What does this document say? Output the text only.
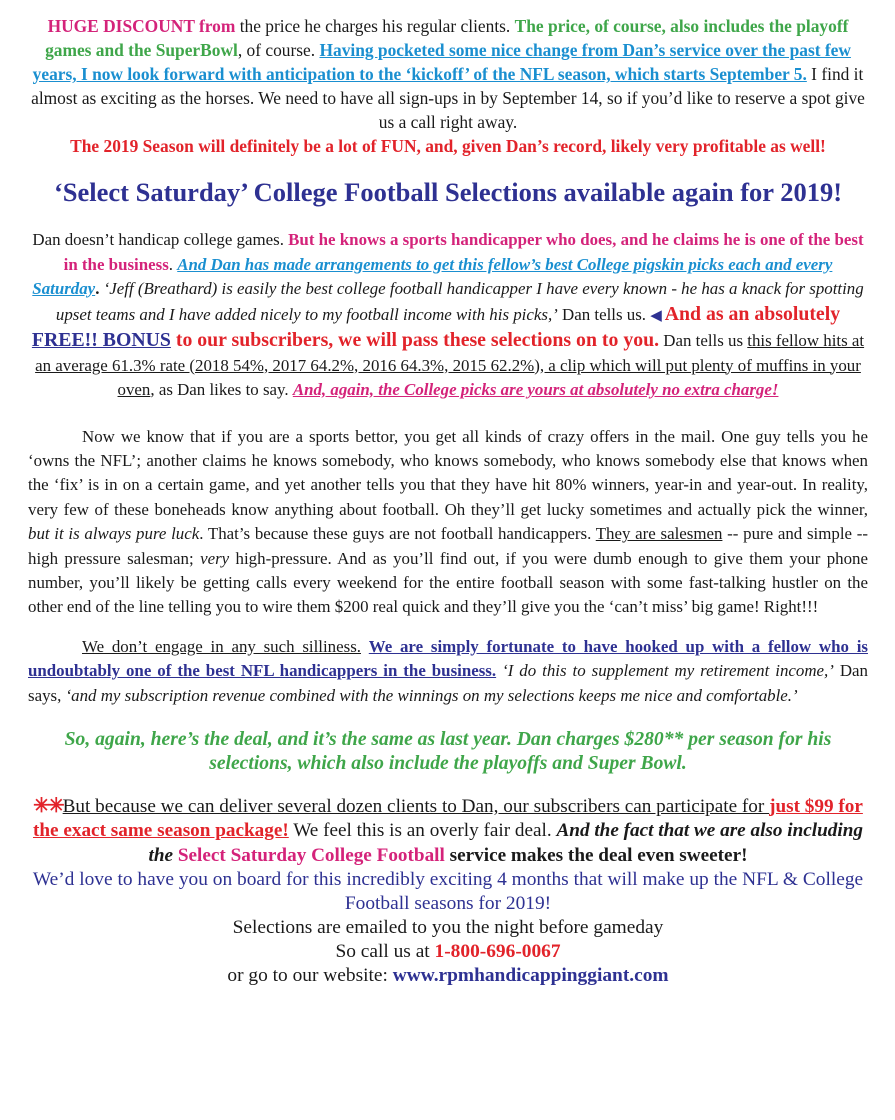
HUGE DISCOUNT from the price he charges his regular clients. The price, of course, also includes the playoff games and the SuperBowl, of course. Having pocketed some nice change from Dan’s service over the past few years, I now look forward with anticipation to the ‘kickoff’ of the NFL season, which starts September 5. I find it almost as exciting as the horses. We need to have all sign-ups in by September 14, so if you’d like to reserve a spot give us a call right away.
The 2019 Season will definitely be a lot of FUN, and, given Dan’s record, likely very profitable as well!

‘Select Saturday’ College Football Selections available again for 2019!

Dan doesn’t handicap college games. But he knows a sports handicapper who does, and he claims he is one of the best in the business. And Dan has made arrangements to get this fellow’s best College pigskin picks each and every Saturday. ‘Jeff (Breathard) is easily the best college football handicapper I have every known - he has a knack for spotting upset teams and I have added nicely to my football income with his picks,’ Dan tells us. ◀ And as an absolutely FREE!! BONUS to our subscribers, we will pass these selections on to you. Dan tells us this fellow hits at an average 61.3% rate (2018 54%, 2017 64.2%, 2016 64.3%, 2015 62.2%), a clip which will put plenty of muffins in your oven, as Dan likes to say. And, again, the College picks are yours at absolutely no extra charge!

Now we know that if you are a sports bettor, you get all kinds of crazy offers in the mail. One guy tells you he ‘owns the NFL’; another claims he knows somebody, who knows somebody, who knows somebody else that knows when the ‘fix’ is in on a certain game, and yet another tells you that they have hit 80% winners, year-in and year-out. In reality, very few of these boneheads know anything about football. Oh they’ll get lucky sometimes and actually pick the winner, but it is always pure luck. That’s because these guys are not football handicappers. They are salesmen -- pure and simple -- high pressure salesman; very high-pressure. And as you’ll find out, if you were dumb enough to give them your phone number, you’ll likely be getting calls every weekend for the entire football season with some fast-talking hustler on the other end of the line telling you to wire them $200 real quick and they’ll give you the ‘can’t miss’ big game! Right!!!

We don’t engage in any such silliness. We are simply fortunate to have hooked up with a fellow who is undoubtably one of the best NFL handicappers in the business. ‘I do this to supplement my retirement income,’ Dan says, ‘and my subscription revenue combined with the winnings on my selections keeps me nice and comfortable.’

So, again, here’s the deal, and it’s the same as last year. Dan charges $280** per season for his selections, which also include the playoffs and Super Bowl.

✳✳But because we can deliver several dozen clients to Dan, our subscribers can participate for just $99 for the exact same season package! We feel this is an overly fair deal. And the fact that we are also including the Select Saturday College Football service makes the deal even sweeter!

We’d love to have you on board for this incredibly exciting 4 months that will make up the NFL & College Football seasons for 2019!

Selections are emailed to you the night before gameday

So call us at 1-800-696-0067

or go to our website: www.rpmhandicappinggiant.com
